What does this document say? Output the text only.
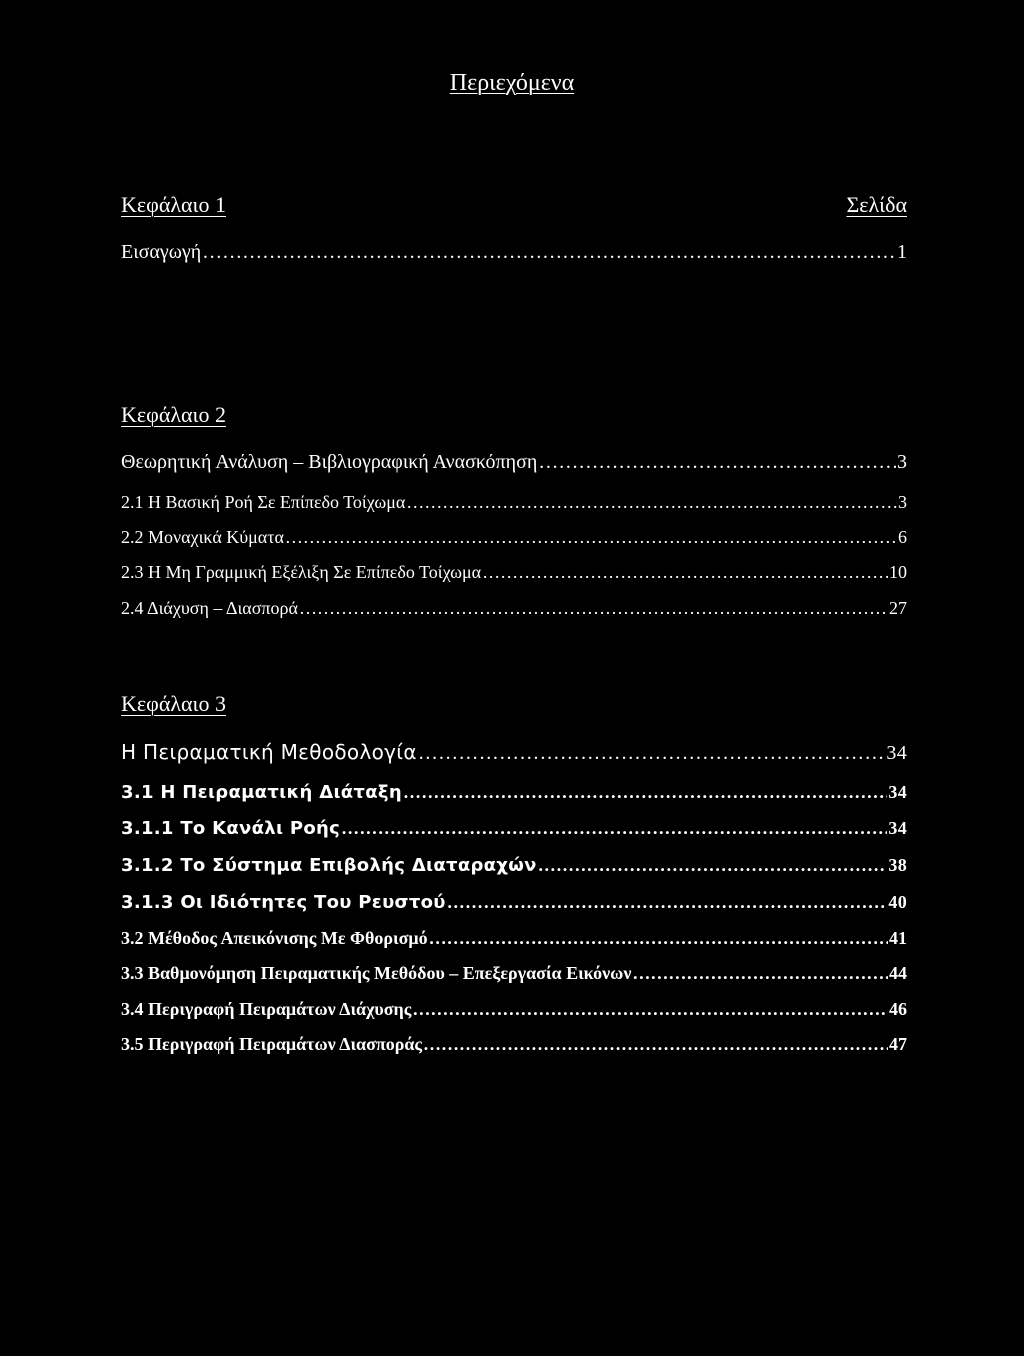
Περιεχόμενα
Κεφάλαιο 1	Σελίδα
Εισαγωγή ……………………………………………………………………………………………………………………………………………………………………………………………………………………………………	1
Κεφάλαιο 2
Θεωρητική Ανάλυση – Βιβλιογραφική Ανασκόπηση ……………………………………………………………………………………………………………………………………………………………………………………………………………………………………	3
2.1 Η Βασική Ροή Σε Επίπεδο Τοίχωμα ……………………………………………………………………………………………………………………………………………………………………………………………………………………………………	3
2.2 Μοναχικά Κύματα ……………………………………………………………………………………………………………………………………………………………………………………………………………………………………	6
2.3 Η Μη Γραμμική Εξέλιξη Σε Επίπεδο Τοίχωμα ……………………………………………………………………………………………………………………………………………………………………………………………………………………………………	10
2.4 Διάχυση – Διασπορά ……………………………………………………………………………………………………………………………………………………………………………………………………………………………………	27
Κεφάλαιο 3
Η Πειραματική Μεθοδολογία ……………………………………………………………………………………………………………………………………………………………………………………………………………………………………	34
3.1 Η Πειραματική Διάταξη ……………………………………………………………………………………………………………………………………………………………………………………………………………………………………	34
3.1.1 Το Κανάλι Ροής ……………………………………………………………………………………………………………………………………………………………………………………………………………………………………	34
3.1.2 Το Σύστημα Επιβολής Διαταραχών ……………………………………………………………………………………………………………………………………………………………………………………………………………………………………	38
3.1.3 Οι Ιδιότητες Του Ρευστού ……………………………………………………………………………………………………………………………………………………………………………………………………………………………………	40
3.2 Μέθοδος Απεικόνισης Με Φθορισμό ……………………………………………………………………………………………………………………………………………………………………………………………………………………………………	41
3.3 Βαθμονόμηση Πειραματικής Μεθόδου – Επεξεργασία Εικόνων ……………………………………………………………………………………………………………………………………………………………………………………………………………………………………	44
3.4 Περιγραφή Πειραμάτων Διάχυσης ……………………………………………………………………………………………………………………………………………………………………………………………………………………………………	46
3.5 Περιγραφή Πειραμάτων Διασποράς ……………………………………………………………………………………………………………………………………………………………………………………………………………………………………	47
